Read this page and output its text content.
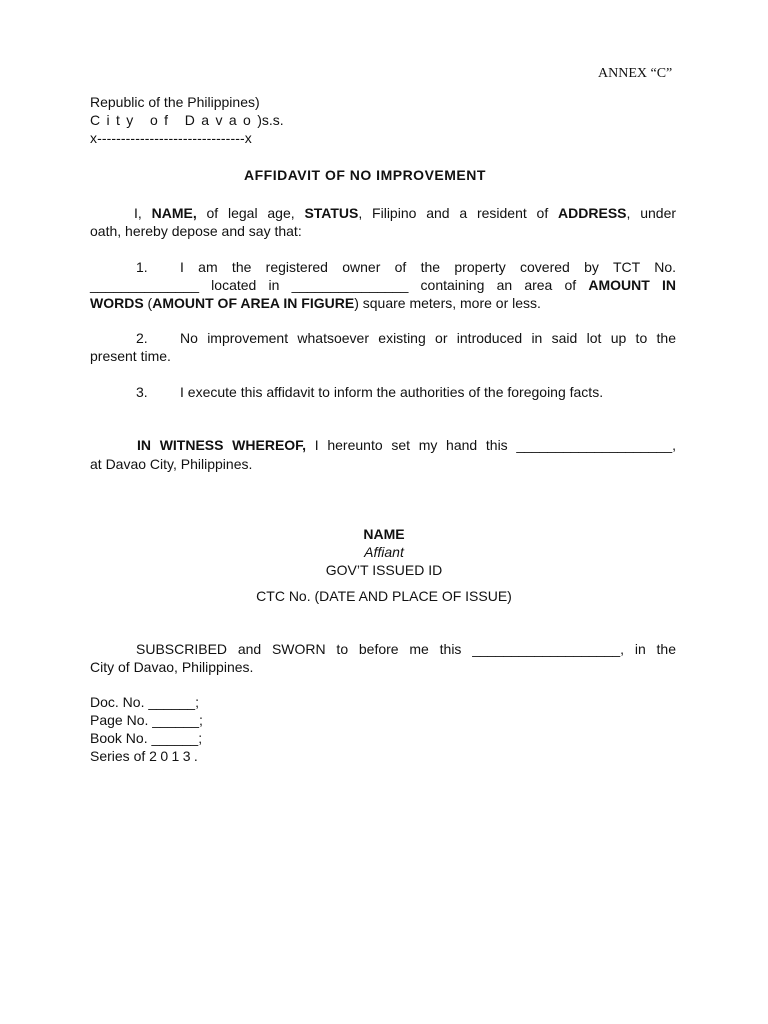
ANNEX “C”
Republic of the Philippines)
City of Davao)s.s.
x-------------------------------x
AFFIDAVIT OF NO IMPROVEMENT
I, NAME, of legal age, STATUS, Filipino and a resident of ADDRESS, under
oath, hereby depose and say that:
1. I am the registered owner of the property covered by TCT No.
______________ located in _______________ containing an area of AMOUNT IN
WORDS (AMOUNT OF AREA IN FIGURE) square meters, more or less.
2. No improvement whatsoever existing or introduced in said lot up to the
present time.
3. I execute this affidavit to inform the authorities of the foregoing facts.
IN WITNESS WHEREOF, I hereunto set my hand this ____________________,
at Davao City, Philippines.
NAME
Affiant
GOV’T ISSUED ID
CTC No. (DATE AND PLACE OF ISSUE)
SUBSCRIBED and SWORN to before me this ___________________, in the
City of Davao, Philippines.
Doc. No. ______;
Page No. ______;
Book No. ______;
Series of 2013.
